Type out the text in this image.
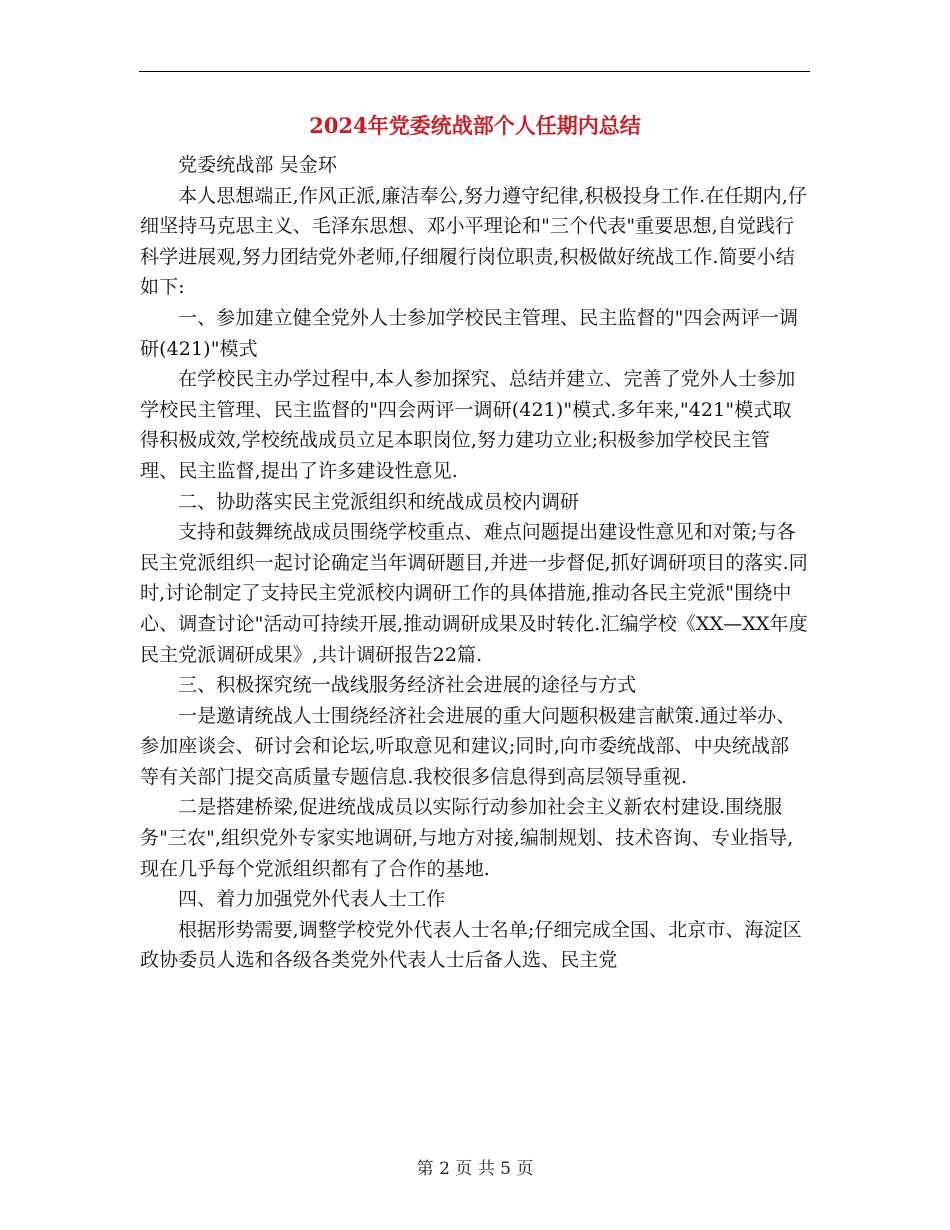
2024年党委统战部个人任期内总结

党委统战部 吴金环

本人思想端正,作风正派,廉洁奉公,努力遵守纪律,积极投身工作.在任期内,仔细坚持马克思主义、毛泽东思想、邓小平理论和"三个代表"重要思想,自觉践行科学进展观,努力团结党外老师,仔细履行岗位职责,积极做好统战工作.简要小结如下:

一、参加建立健全党外人士参加学校民主管理、民主监督的"四会两评一调研(421)"模式

在学校民主办学过程中,本人参加探究、总结并建立、完善了党外人士参加学校民主管理、民主监督的"四会两评一调研(421)"模式.多年来,"421"模式取得积极成效,学校统战成员立足本职岗位,努力建功立业;积极参加学校民主管理、民主监督,提出了许多建设性意见.

二、协助落实民主党派组织和统战成员校内调研

支持和鼓舞统战成员围绕学校重点、难点问题提出建设性意见和对策;与各民主党派组织一起讨论确定当年调研题目,并进一步督促,抓好调研项目的落实.同时,讨论制定了支持民主党派校内调研工作的具体措施,推动各民主党派"围绕中心、调查讨论"活动可持续开展,推动调研成果及时转化.汇编学校《XX—XX年度民主党派调研成果》,共计调研报告22篇.

三、积极探究统一战线服务经济社会进展的途径与方式

一是邀请统战人士围绕经济社会进展的重大问题积极建言献策.通过举办、参加座谈会、研讨会和论坛,听取意见和建议;同时,向市委统战部、中央统战部等有关部门提交高质量专题信息.我校很多信息得到高层领导重视.

二是搭建桥梁,促进统战成员以实际行动参加社会主义新农村建设.围绕服务"三农",组织党外专家实地调研,与地方对接,编制规划、技术咨询、专业指导,现在几乎每个党派组织都有了合作的基地.

四、着力加强党外代表人士工作

根据形势需要,调整学校党外代表人士名单;仔细完成全国、北京市、海淀区政协委员人选和各级各类党外代表人士后备人选、民主党

第 2 页 共 5 页
